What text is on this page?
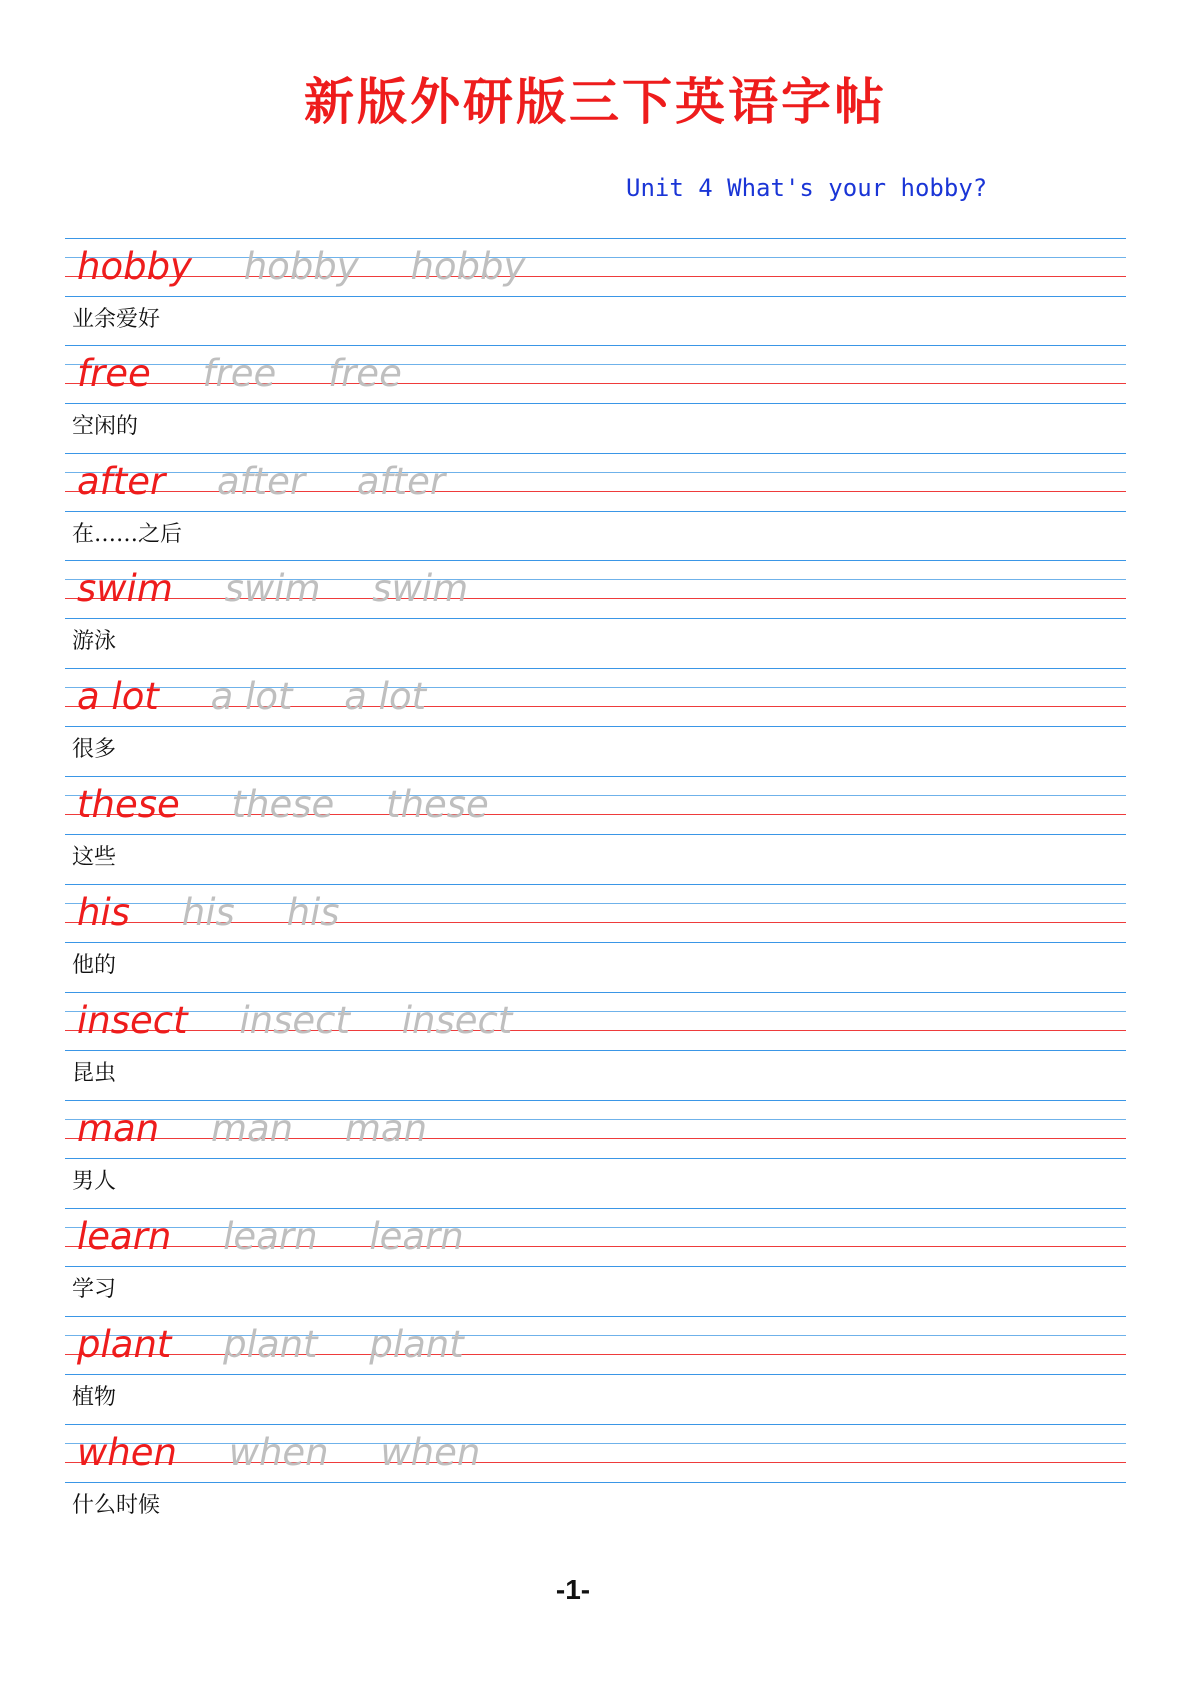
新版外研版三下英语字帖
Unit 4 What's your hobby?
hobby hobby hobby
业余爱好
free free free
空闲的
after after after
在……之后
swim swim swim
游泳
a lot a lot a lot
很多
these these these
这些
his his his
他的
insect insect insect
昆虫
man man man
男人
learn learn learn
学习
plant plant plant
植物
when when when
什么时候
-1-
